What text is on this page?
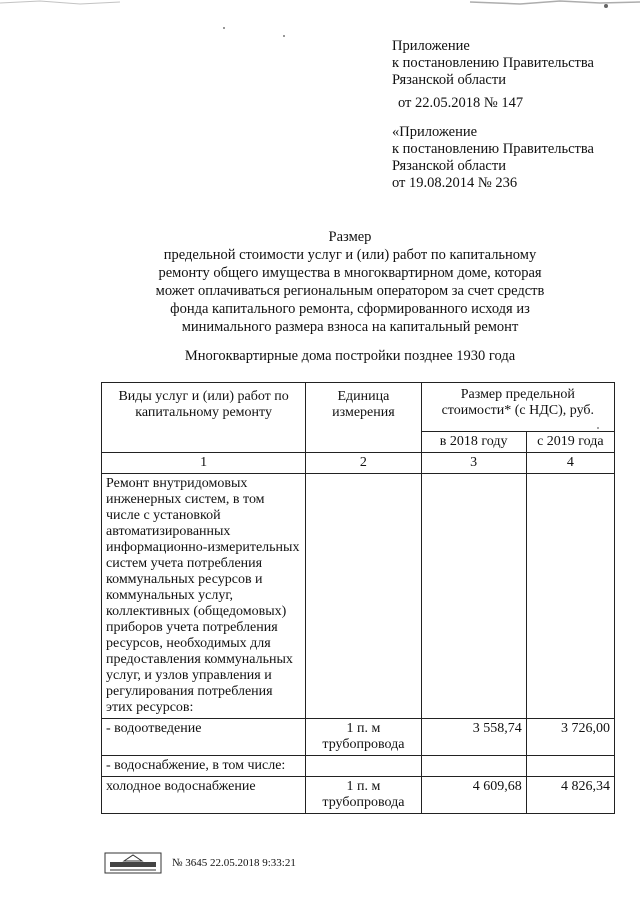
Приложение
к постановлению Правительства
Рязанской области
от 22.05.2018 № 147
«Приложение
к постановлению Правительства
Рязанской области
от 19.08.2014 № 236
Размер
предельной стоимости услуг и (или) работ по капитальному
ремонту общего имущества в многоквартирном доме, которая
может оплачиваться региональным оператором за счет средств
фонда капитального ремонта, сформированного исходя из
минимального размера взноса на капитальный ремонт
Многоквартирные дома постройки позднее 1930 года
Виды услуг и (или) работ по капитальному ремонту	Единица измерения	Размер предельной стоимости* (с НДС), руб.	
		в 2018 году	с 2019 года
1	2	3	4
Ремонт внутридомовых инженерных систем, в том числе с установкой автоматизированных информационно-измерительных систем учета потребления коммунальных ресурсов и коммунальных услуг, коллективных (общедомовых) приборов учета потребления ресурсов, необходимых для предоставления коммунальных услуг, и узлов управления и регулирования потребления этих ресурсов:			
- водоотведение	1 п. м трубопровода	3 558,74	3 726,00
- водоснабжение, в том числе:			
холодное водоснабжение	1 п. м трубопровода	4 609,68	4 826,34
№ 3645 22.05.2018 9:33:21
